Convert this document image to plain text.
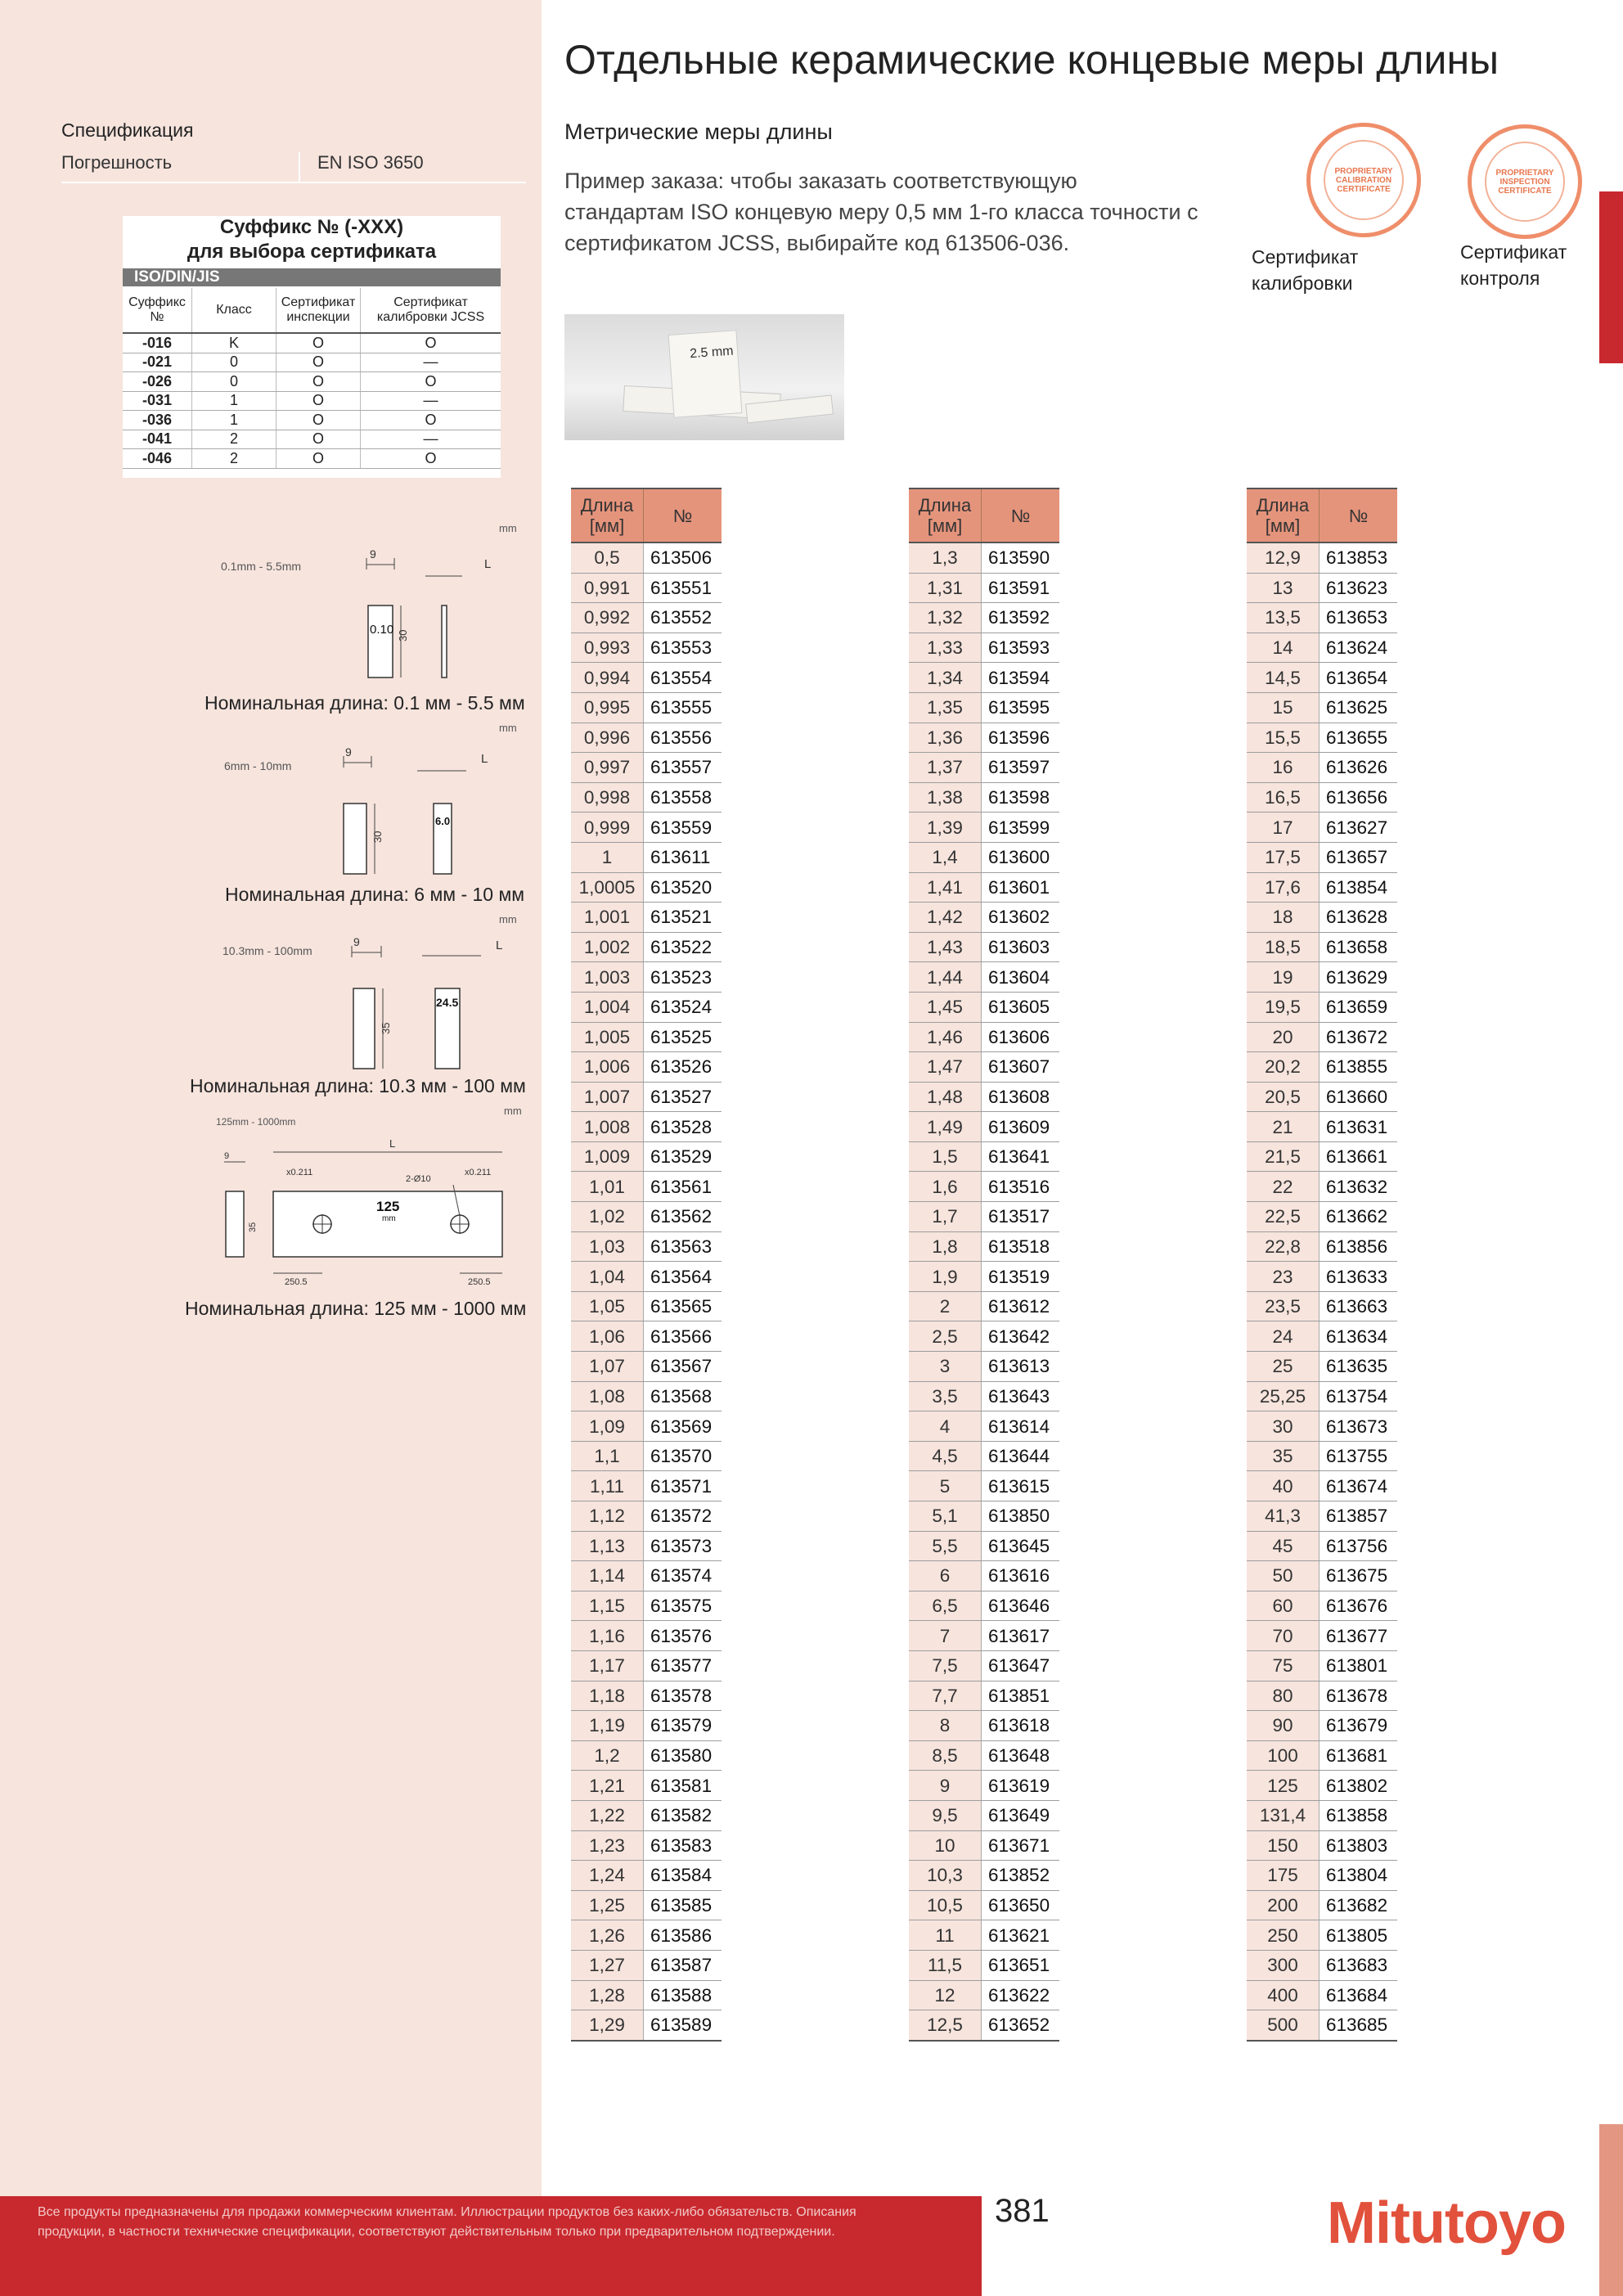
Спецификация
Погрешность	EN ISO 3650
Суффикс № (-XXX)
для выбора сертификата
ISO/DIN/JIS
Суффикс №	Класс	Сертификат инспекции	Сертификат калибровки JCSS
-016	K	O	O
-021	0	O	—
-026	0	O	O
-031	1	O	—
-036	1	O	O
-041	2	O	—
-046	2	O	O
mm
0.1mm - 5.5mm
9
0.10 30
L
Номинальная длина: 0.1 мм - 5.5 мм
mm
6mm - 10mm
9
30
6.0
L
Номинальная длина: 6 мм - 10 мм
mm
10.3mm - 100mm
9
35
24.5
L
Номинальная длина: 10.3 мм - 100 мм
mm
125mm - 1000mm
9
35
L
x0.211	x0.211
2-Ø10
125
mm
250.5	250.5
Номинальная длина: 125 мм - 1000 мм
Отдельные керамические концевые меры длины
Метрические меры длины
Пример заказа: чтобы заказать соответствующую стандартам ISO концевую меру 0,5 мм 1-го класса точности с сертификатом JCSS, выбирайте код 613506-036.
2.5 mm
PROPRIETARY CALIBRATION CERTIFICATE
Сертификат
калибровки
PROPRIETARY INSPECTION CERTIFICATE
Сертификат
контроля
Длина [мм]	№
0,5	613506
0,991	613551
0,992	613552
0,993	613553
0,994	613554
0,995	613555
0,996	613556
0,997	613557
0,998	613558
0,999	613559
1	613611
1,0005	613520
1,001	613521
1,002	613522
1,003	613523
1,004	613524
1,005	613525
1,006	613526
1,007	613527
1,008	613528
1,009	613529
1,01	613561
1,02	613562
1,03	613563
1,04	613564
1,05	613565
1,06	613566
1,07	613567
1,08	613568
1,09	613569
1,1	613570
1,11	613571
1,12	613572
1,13	613573
1,14	613574
1,15	613575
1,16	613576
1,17	613577
1,18	613578
1,19	613579
1,2	613580
1,21	613581
1,22	613582
1,23	613583
1,24	613584
1,25	613585
1,26	613586
1,27	613587
1,28	613588
1,29	613589
Длина [мм]	№
1,3	613590
1,31	613591
1,32	613592
1,33	613593
1,34	613594
1,35	613595
1,36	613596
1,37	613597
1,38	613598
1,39	613599
1,4	613600
1,41	613601
1,42	613602
1,43	613603
1,44	613604
1,45	613605
1,46	613606
1,47	613607
1,48	613608
1,49	613609
1,5	613641
1,6	613516
1,7	613517
1,8	613518
1,9	613519
2	613612
2,5	613642
3	613613
3,5	613643
4	613614
4,5	613644
5	613615
5,1	613850
5,5	613645
6	613616
6,5	613646
7	613617
7,5	613647
7,7	613851
8	613618
8,5	613648
9	613619
9,5	613649
10	613671
10,3	613852
10,5	613650
11	613621
11,5	613651
12	613622
12,5	613652
Длина [мм]	№
12,9	613853
13	613623
13,5	613653
14	613624
14,5	613654
15	613625
15,5	613655
16	613626
16,5	613656
17	613627
17,5	613657
17,6	613854
18	613628
18,5	613658
19	613629
19,5	613659
20	613672
20,2	613855
20,5	613660
21	613631
21,5	613661
22	613632
22,5	613662
22,8	613856
23	613633
23,5	613663
24	613634
25	613635
25,25	613754
30	613673
35	613755
40	613674
41,3	613857
45	613756
50	613675
60	613676
70	613677
75	613801
80	613678
90	613679
100	613681
125	613802
131,4	613858
150	613803
175	613804
200	613682
250	613805
300	613683
400	613684
500	613685
Все продукты предназначены для продажи коммерческим клиентам. Иллюстрации продуктов без каких-либо обязательств. Описания продукции, в частности технические спецификации, соответствуют действительным только при предварительном подтверждении.
381	Mitutoyo
